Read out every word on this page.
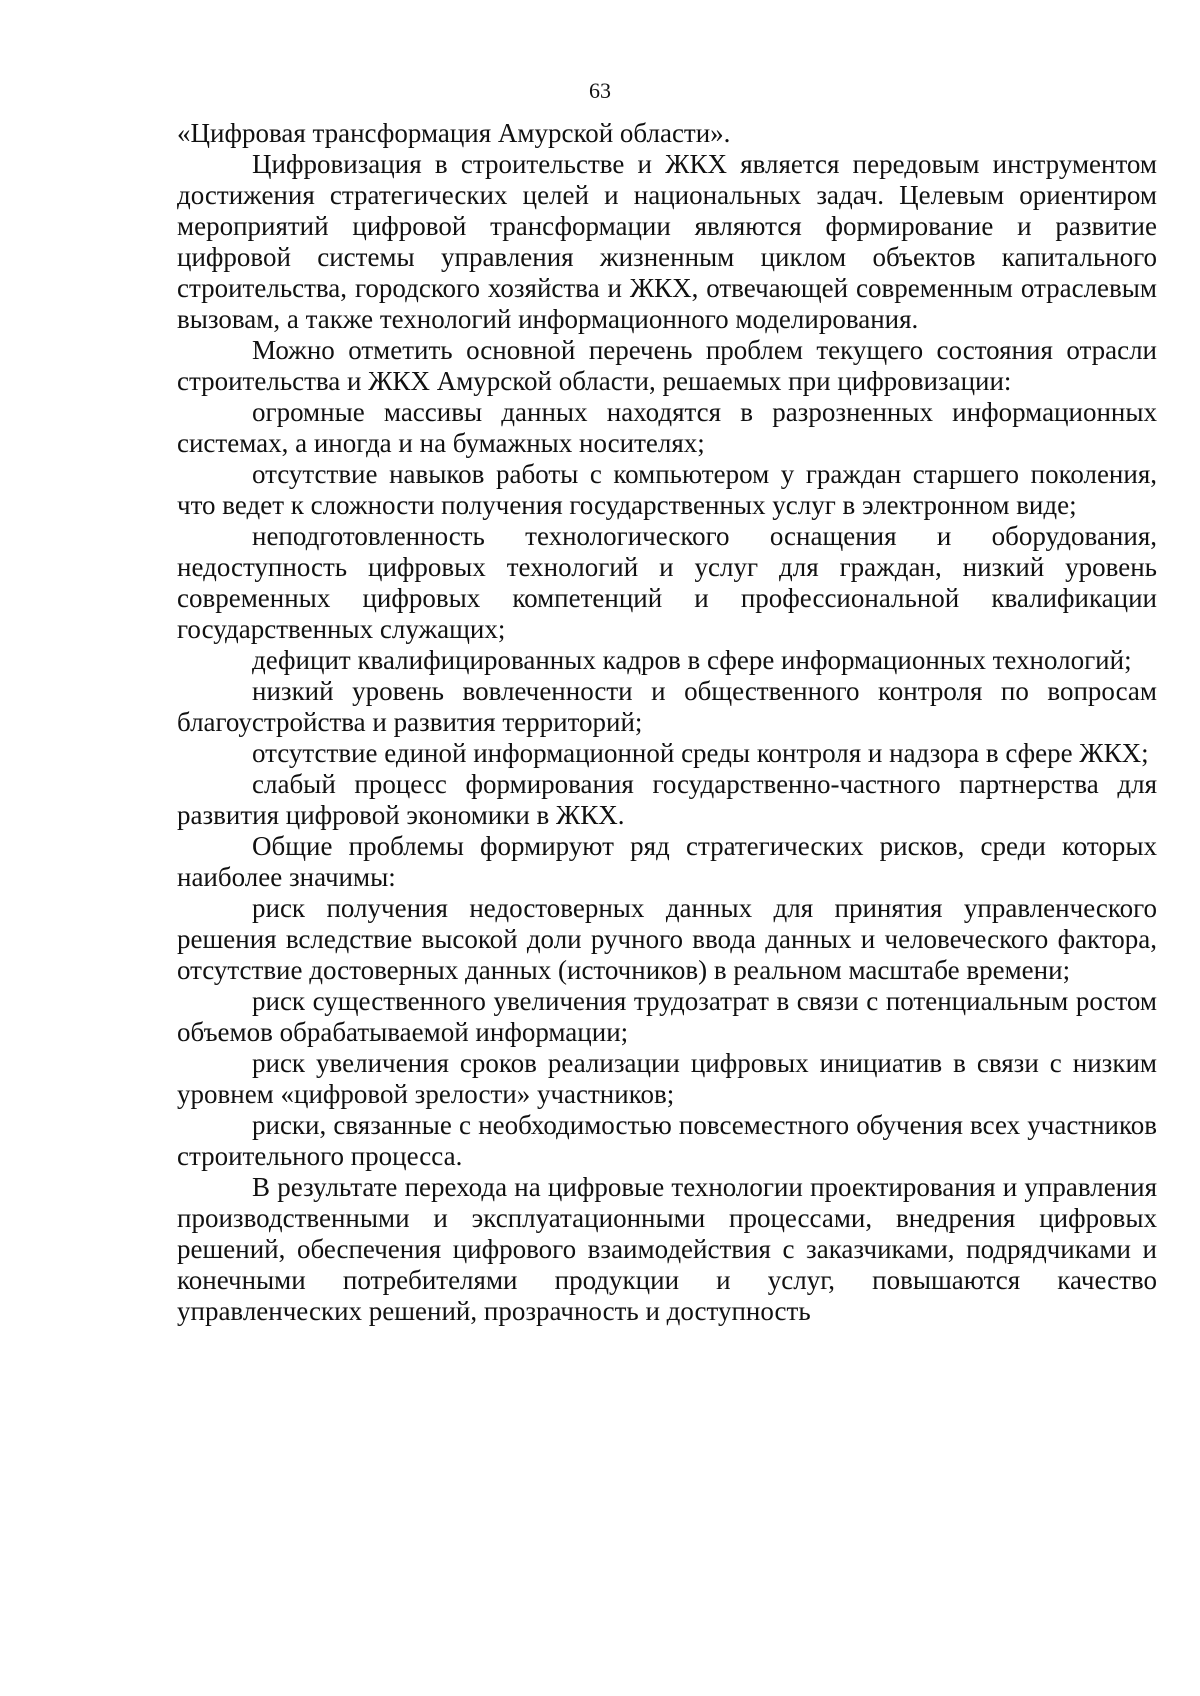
63

«Цифровая трансформация Амурской области».

Цифровизация в строительстве и ЖКХ является передовым инструментом достижения стратегических целей и национальных задач. Целевым ориентиром мероприятий цифровой трансформации являются формирование и развитие цифровой системы управления жизненным циклом объектов капитального строительства, городского хозяйства и ЖКХ, отвечающей современным отраслевым вызовам, а также технологий информационного моделирования.

Можно отметить основной перечень проблем текущего состояния отрасли строительства и ЖКХ Амурской области, решаемых при цифровизации:

огромные массивы данных находятся в разрозненных информационных системах, а иногда и на бумажных носителях;

отсутствие навыков работы с компьютером у граждан старшего поколения, что ведет к сложности получения государственных услуг в электронном виде;

неподготовленность технологического оснащения и оборудования, недоступность цифровых технологий и услуг для граждан, низкий уровень современных цифровых компетенций и профессиональной квалификации государственных служащих;

дефицит квалифицированных кадров в сфере информационных технологий;

низкий уровень вовлеченности и общественного контроля по вопросам благоустройства и развития территорий;

отсутствие единой информационной среды контроля и надзора в сфере ЖКХ;

слабый процесс формирования государственно-частного партнерства для развития цифровой экономики в ЖКХ.

Общие проблемы формируют ряд стратегических рисков, среди которых наиболее значимы:

риск получения недостоверных данных для принятия управленческого решения вследствие высокой доли ручного ввода данных и человеческого фактора, отсутствие достоверных данных (источников) в реальном масштабе времени;

риск существенного увеличения трудозатрат в связи с потенциальным ростом объемов обрабатываемой информации;

риск увеличения сроков реализации цифровых инициатив в связи с низким уровнем «цифровой зрелости» участников;

риски, связанные с необходимостью повсеместного обучения всех участников строительного процесса.

В результате перехода на цифровые технологии проектирования и управления производственными и эксплуатационными процессами, внедрения цифровых решений, обеспечения цифрового взаимодействия с заказчиками, подрядчиками и конечными потребителями продукции и услуг, повышаются качество управленческих решений, прозрачность и доступность
